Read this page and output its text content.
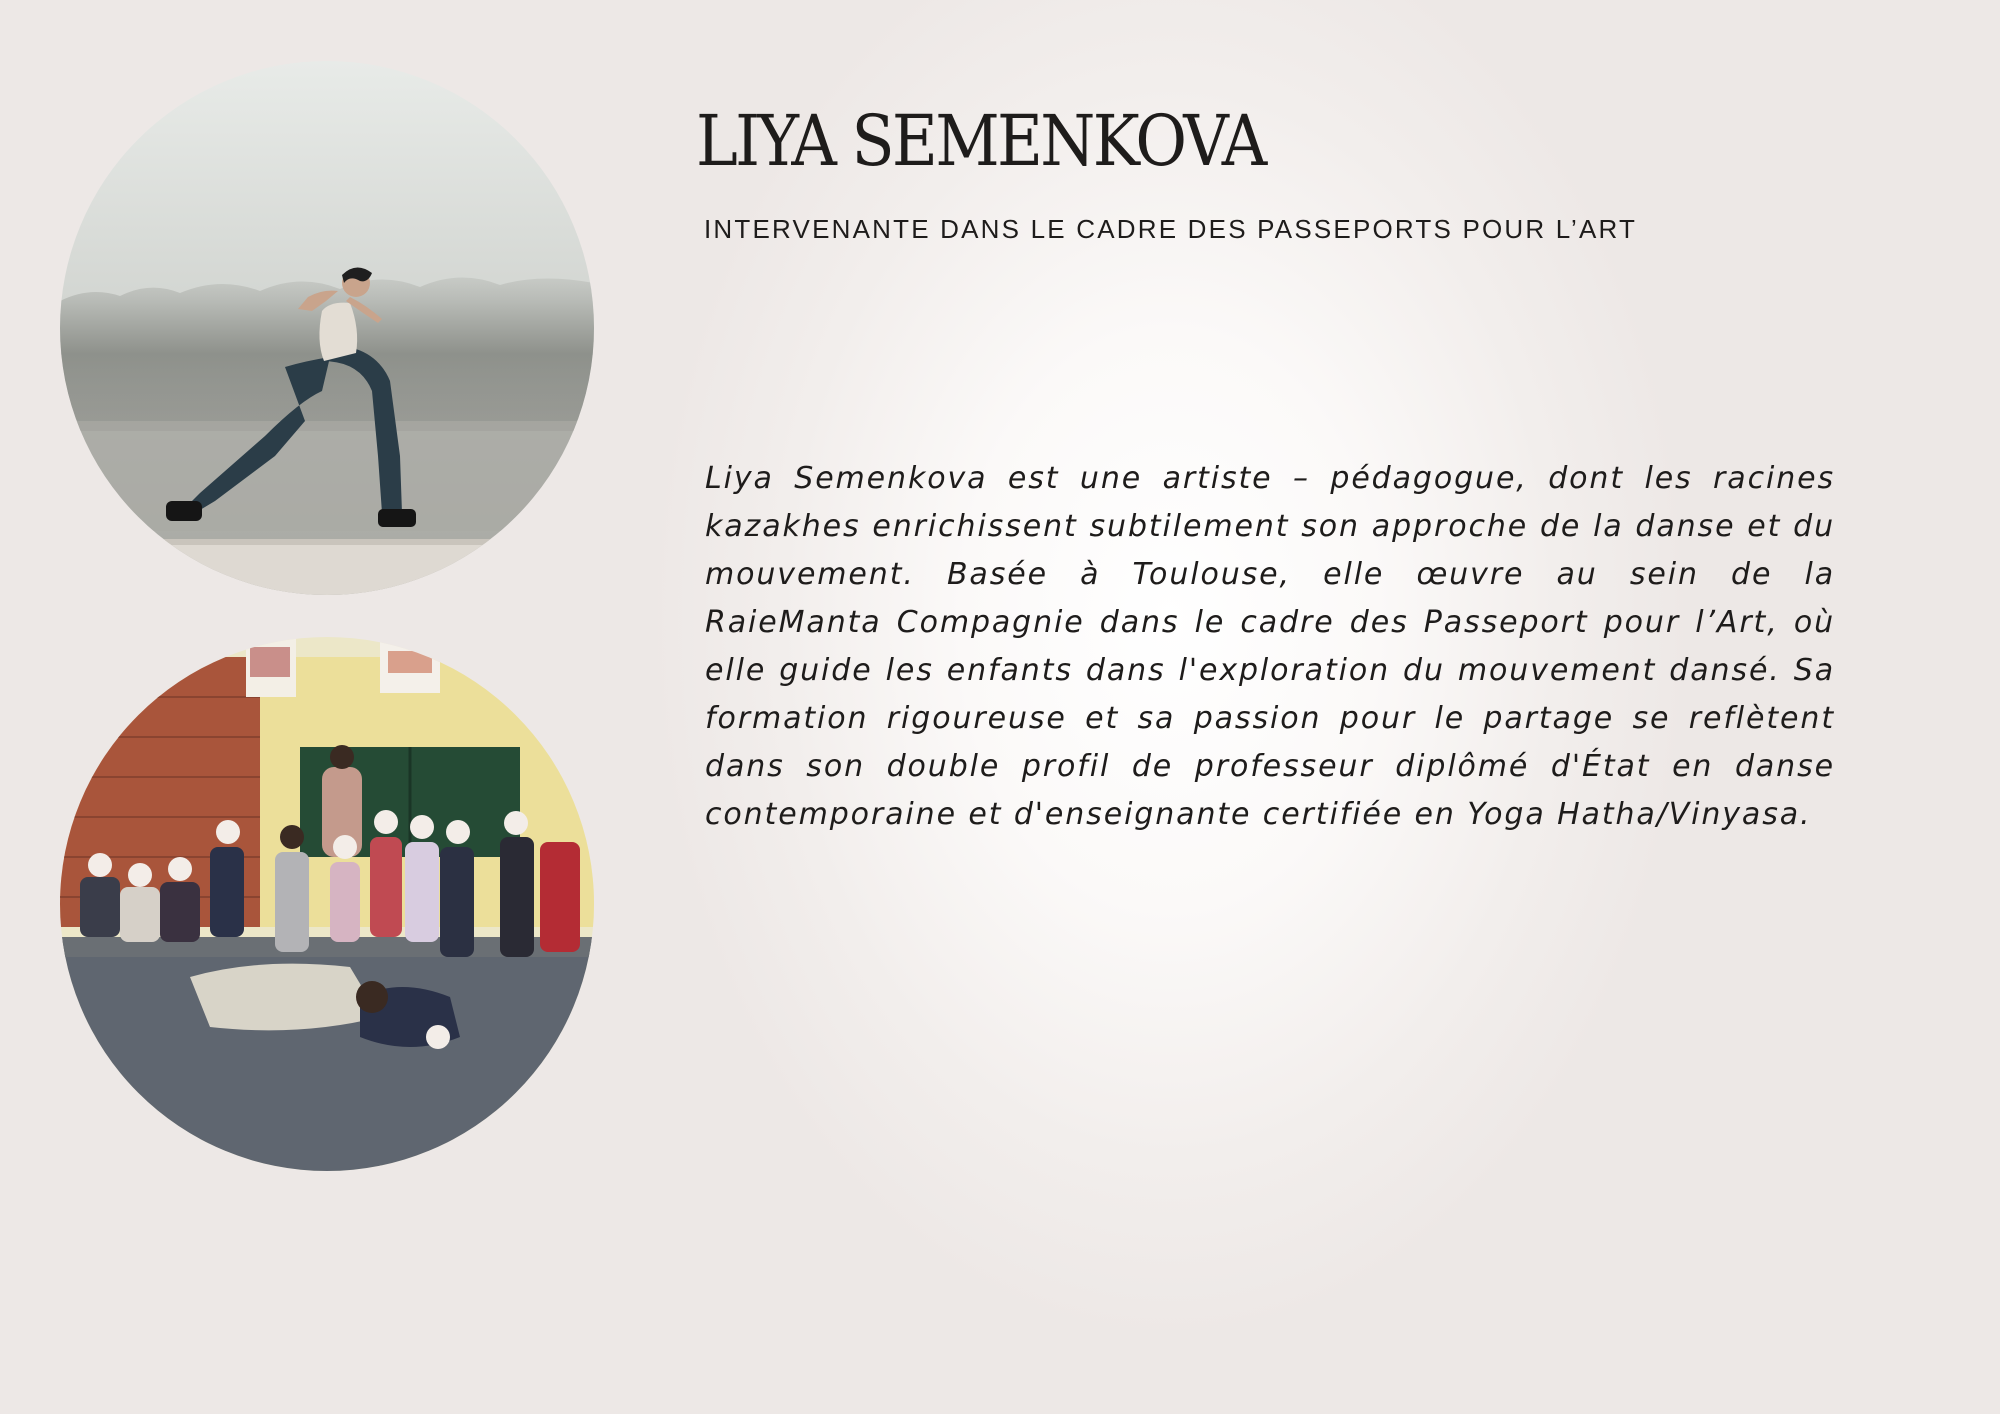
LIYA SEMENKOVA

INTERVENANTE DANS LE CADRE DES PASSEPORTS POUR L’ART

Liya Semenkova est une artiste – pédagogue, dont les racines kazakhes enrichissent subtilement son approche de la danse et du mouvement. Basée à Toulouse, elle œuvre au sein de la RaieManta Compagnie dans le cadre des Passeport pour l’Art, où elle guide les enfants dans l'exploration du mouvement dansé. Sa formation rigoureuse et sa passion pour le partage se reflètent dans son double profil de professeur diplômé d'État en danse contemporaine et d'enseignante certifiée en Yoga Hatha/Vinyasa.
